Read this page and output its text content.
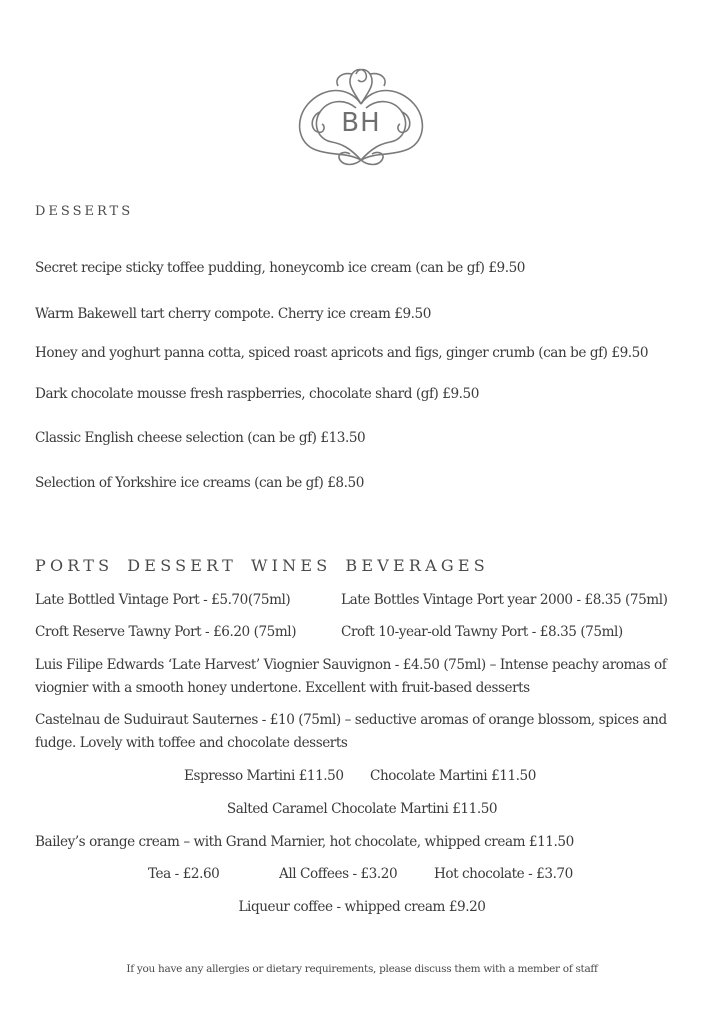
BH
DESSERTS
Secret recipe sticky toffee pudding, honeycomb ice cream (can be gf) £9.50
Warm Bakewell tart cherry compote. Cherry ice cream £9.50
Honey and yoghurt panna cotta, spiced roast apricots and figs, ginger crumb (can be gf) £9.50
Dark chocolate mousse fresh raspberries, chocolate shard (gf) £9.50
Classic English cheese selection (can be gf) £13.50
Selection of Yorkshire ice creams (can be gf) £8.50
PORTS DESSERT WINES BEVERAGES
Late Bottled Vintage Port - £5.70(75ml)	Late Bottles Vintage Port year 2000 - £8.35 (75ml)
Croft Reserve Tawny Port - £6.20 (75ml)	Croft 10-year-old Tawny Port - £8.35 (75ml)
Luis Filipe Edwards ‘Late Harvest’ Viognier Sauvignon - £4.50 (75ml) – Intense peachy aromas of viognier with a smooth honey undertone. Excellent with fruit-based desserts
Castelnau de Suduiraut Sauternes - £10 (75ml) – seductive aromas of orange blossom, spices and fudge. Lovely with toffee and chocolate desserts
Espresso Martini £11.50 Chocolate Martini £11.50
Salted Caramel Chocolate Martini £11.50
Bailey’s orange cream – with Grand Marnier, hot chocolate, whipped cream £11.50
Tea - £2.60	All Coffees - £3.20	Hot chocolate - £3.70
Liqueur coffee - whipped cream £9.20
If you have any allergies or dietary requirements, please discuss them with a member of staff
